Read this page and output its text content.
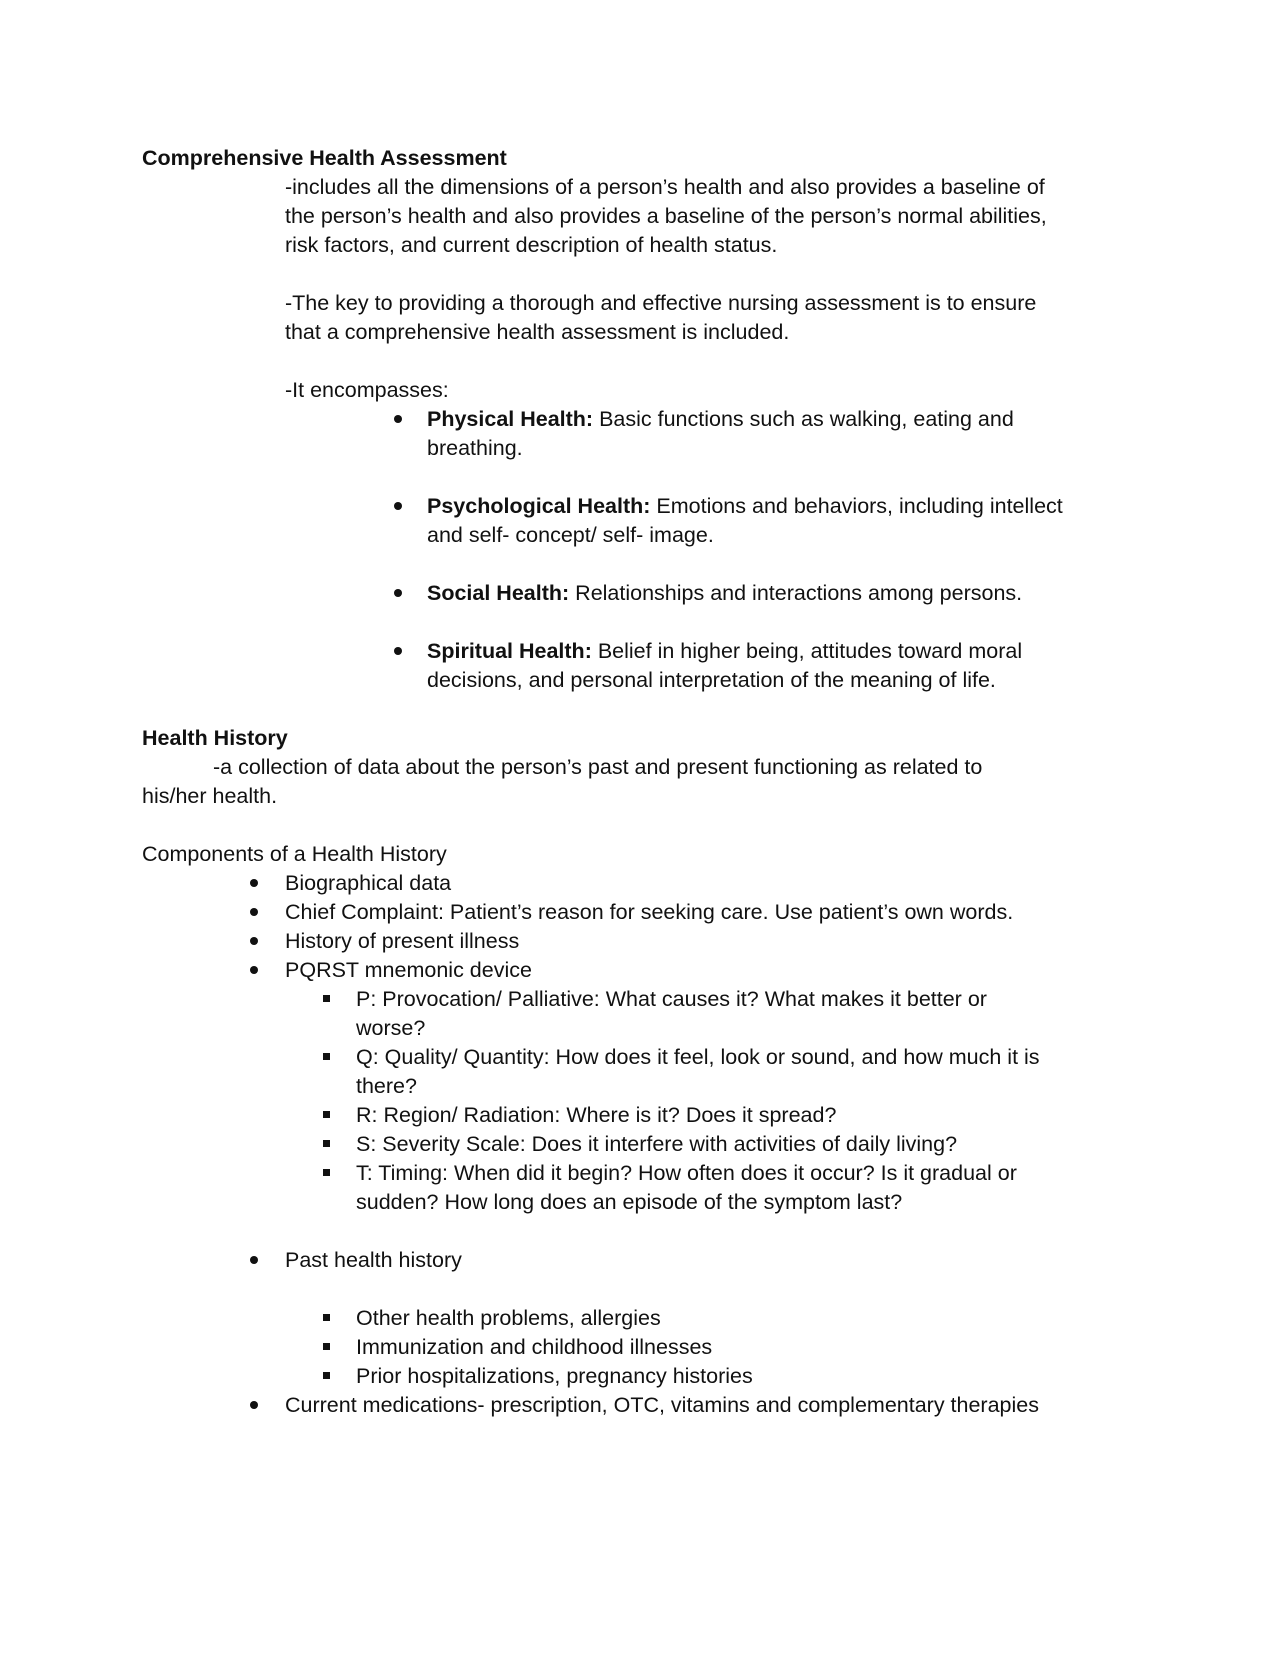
Comprehensive Health Assessment
-includes all the dimensions of a person’s health and also provides a baseline of
the person’s health and also provides a baseline of the person’s normal abilities,
risk factors, and current description of health status.
-The key to providing a thorough and effective nursing assessment is to ensure
that a comprehensive health assessment is included.
-It encompasses:
Physical Health: Basic functions such as walking, eating and
breathing.
Psychological Health: Emotions and behaviors, including intellect
and self- concept/ self- image.
Social Health: Relationships and interactions among persons.
Spiritual Health: Belief in higher being, attitudes toward moral
decisions, and personal interpretation of the meaning of life.
Health History
-a collection of data about the person’s past and present functioning as related to
his/her health.
Components of a Health History
Biographical data
Chief Complaint: Patient’s reason for seeking care. Use patient’s own words.
History of present illness
PQRST mnemonic device
P: Provocation/ Palliative: What causes it? What makes it better or
worse?
Q: Quality/ Quantity: How does it feel, look or sound, and how much it is
there?
R: Region/ Radiation: Where is it? Does it spread?
S: Severity Scale: Does it interfere with activities of daily living?
T: Timing: When did it begin? How often does it occur? Is it gradual or
sudden? How long does an episode of the symptom last?
Past health history
Other health problems, allergies
Immunization and childhood illnesses
Prior hospitalizations, pregnancy histories
Current medications- prescription, OTC, vitamins and complementary therapies
